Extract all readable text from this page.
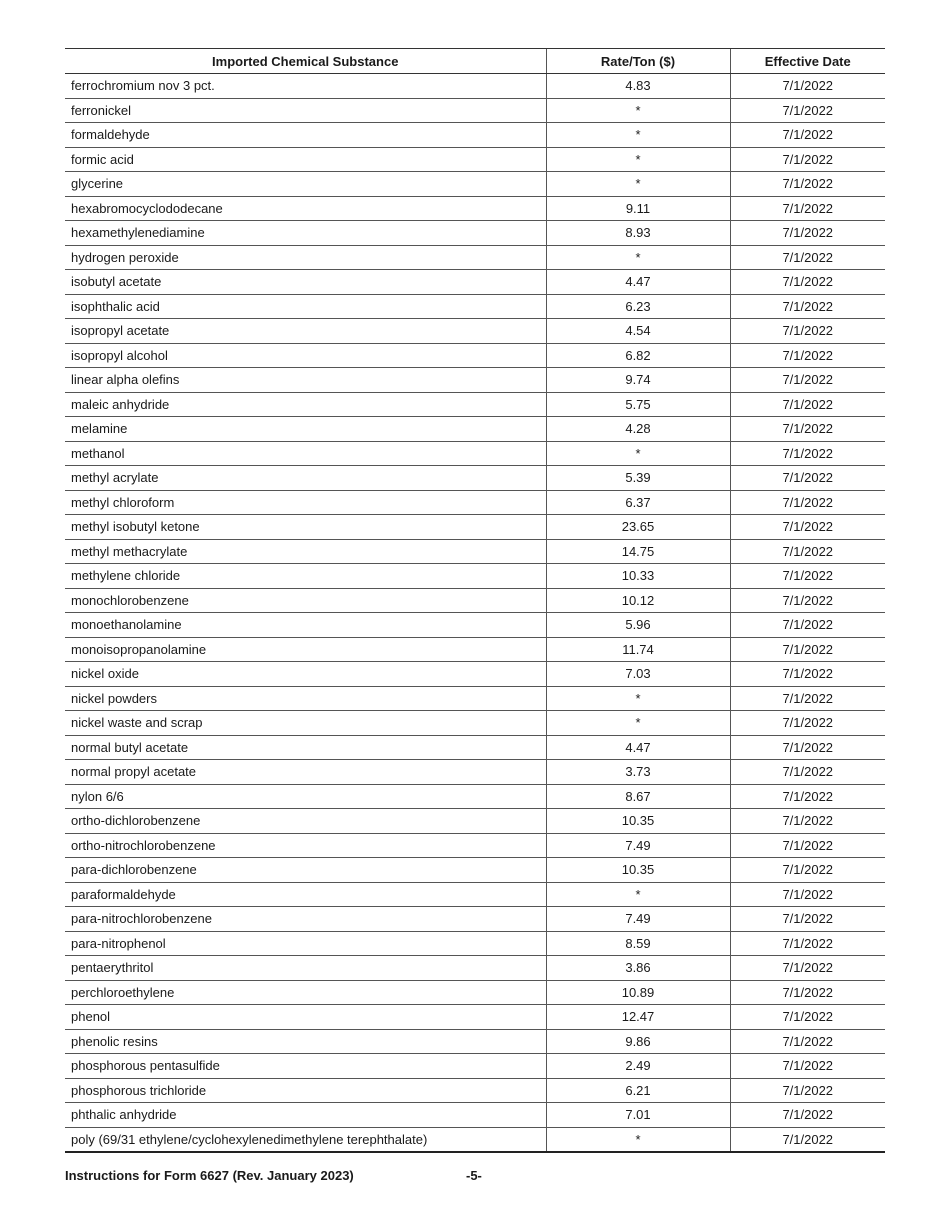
Imported Chemical Substance	Rate/Ton ($)	Effective Date
ferrochromium nov 3 pct.	4.83	7/1/2022
ferronickel	*	7/1/2022
formaldehyde	*	7/1/2022
formic acid	*	7/1/2022
glycerine	*	7/1/2022
hexabromocyclododecane	9.11	7/1/2022
hexamethylenediamine	8.93	7/1/2022
hydrogen peroxide	*	7/1/2022
isobutyl acetate	4.47	7/1/2022
isophthalic acid	6.23	7/1/2022
isopropyl acetate	4.54	7/1/2022
isopropyl alcohol	6.82	7/1/2022
linear alpha olefins	9.74	7/1/2022
maleic anhydride	5.75	7/1/2022
melamine	4.28	7/1/2022
methanol	*	7/1/2022
methyl acrylate	5.39	7/1/2022
methyl chloroform	6.37	7/1/2022
methyl isobutyl ketone	23.65	7/1/2022
methyl methacrylate	14.75	7/1/2022
methylene chloride	10.33	7/1/2022
monochlorobenzene	10.12	7/1/2022
monoethanolamine	5.96	7/1/2022
monoisopropanolamine	11.74	7/1/2022
nickel oxide	7.03	7/1/2022
nickel powders	*	7/1/2022
nickel waste and scrap	*	7/1/2022
normal butyl acetate	4.47	7/1/2022
normal propyl acetate	3.73	7/1/2022
nylon 6/6	8.67	7/1/2022
ortho-dichlorobenzene	10.35	7/1/2022
ortho-nitrochlorobenzene	7.49	7/1/2022
para-dichlorobenzene	10.35	7/1/2022
paraformaldehyde	*	7/1/2022
para-nitrochlorobenzene	7.49	7/1/2022
para-nitrophenol	8.59	7/1/2022
pentaerythritol	3.86	7/1/2022
perchloroethylene	10.89	7/1/2022
phenol	12.47	7/1/2022
phenolic resins	9.86	7/1/2022
phosphorous pentasulfide	2.49	7/1/2022
phosphorous trichloride	6.21	7/1/2022
phthalic anhydride	7.01	7/1/2022
poly (69/31 ethylene/cyclohexylenedimethylene terephthalate)	*	7/1/2022
Instructions for Form 6627 (Rev. January 2023)	-5-
